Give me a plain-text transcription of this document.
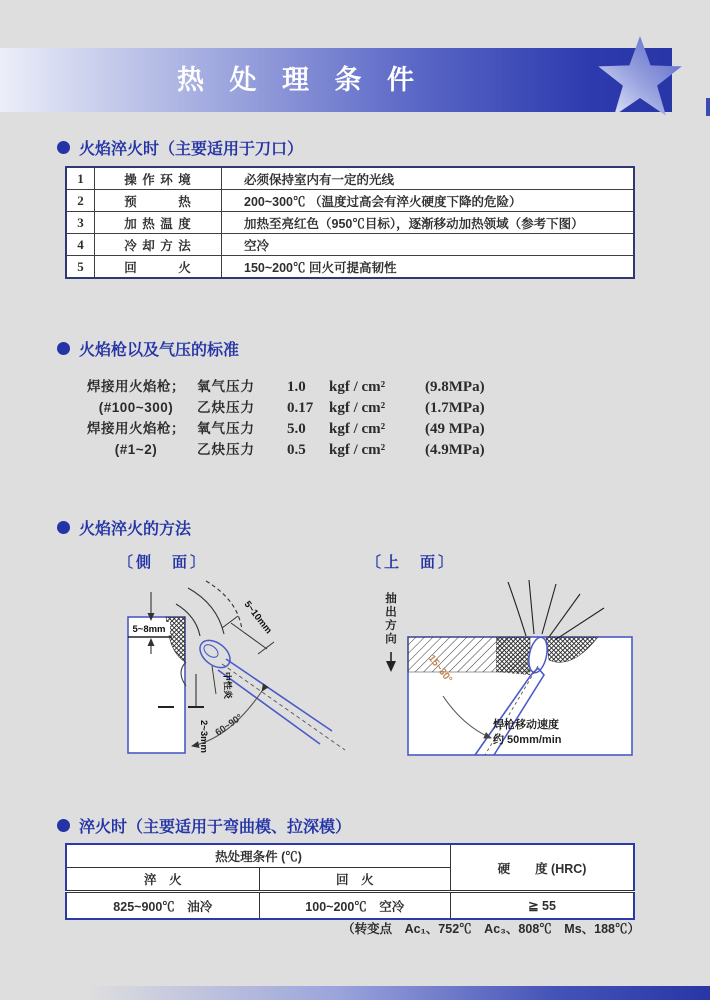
热 处 理 条 件
火焰淬火时（主要适用于刀口）
1	操 作 环 境	必须保持室内有一定的光线
2	预　　　热	200~300℃ （温度过高会有淬火硬度下降的危险）
3	加 热 温 度	加热至亮红色（950℃目标），逐渐移动加热领域（参考下图）
4	冷 却 方 法	空冷
5	回　　　火	150~200℃ 回火可提高韧性
火焰枪以及气压的标准
焊接用火焰枪； 氧气压力	1.0	kgf / cm²	(9.8MPa)
(#100~300)	乙炔压力	0.17	kgf / cm²	(1.7MPa)
焊接用火焰枪； 氧气压力	5.0	kgf / cm²	(49 MPa)
(#1~2)	乙炔压力	0.5	kgf / cm²	(4.9MPa)
火焰淬火的方法
〔側　面〕	〔上　面〕
抽出方向
5~8mm	5~10mm
中性炎
2~3mm 60~90°
15~30°
焊枪移动速度
约 50mm/min
淬火时（主要适用于弯曲模、拉深模）
热处理条件 (℃)		硬　　度 (HRC)
淬　火	回　火	
825~900℃　油冷	100~200℃　空冷	≧ 55
（转变点　Ac₁、752℃　Ac₃、808℃　Ms、188℃）
